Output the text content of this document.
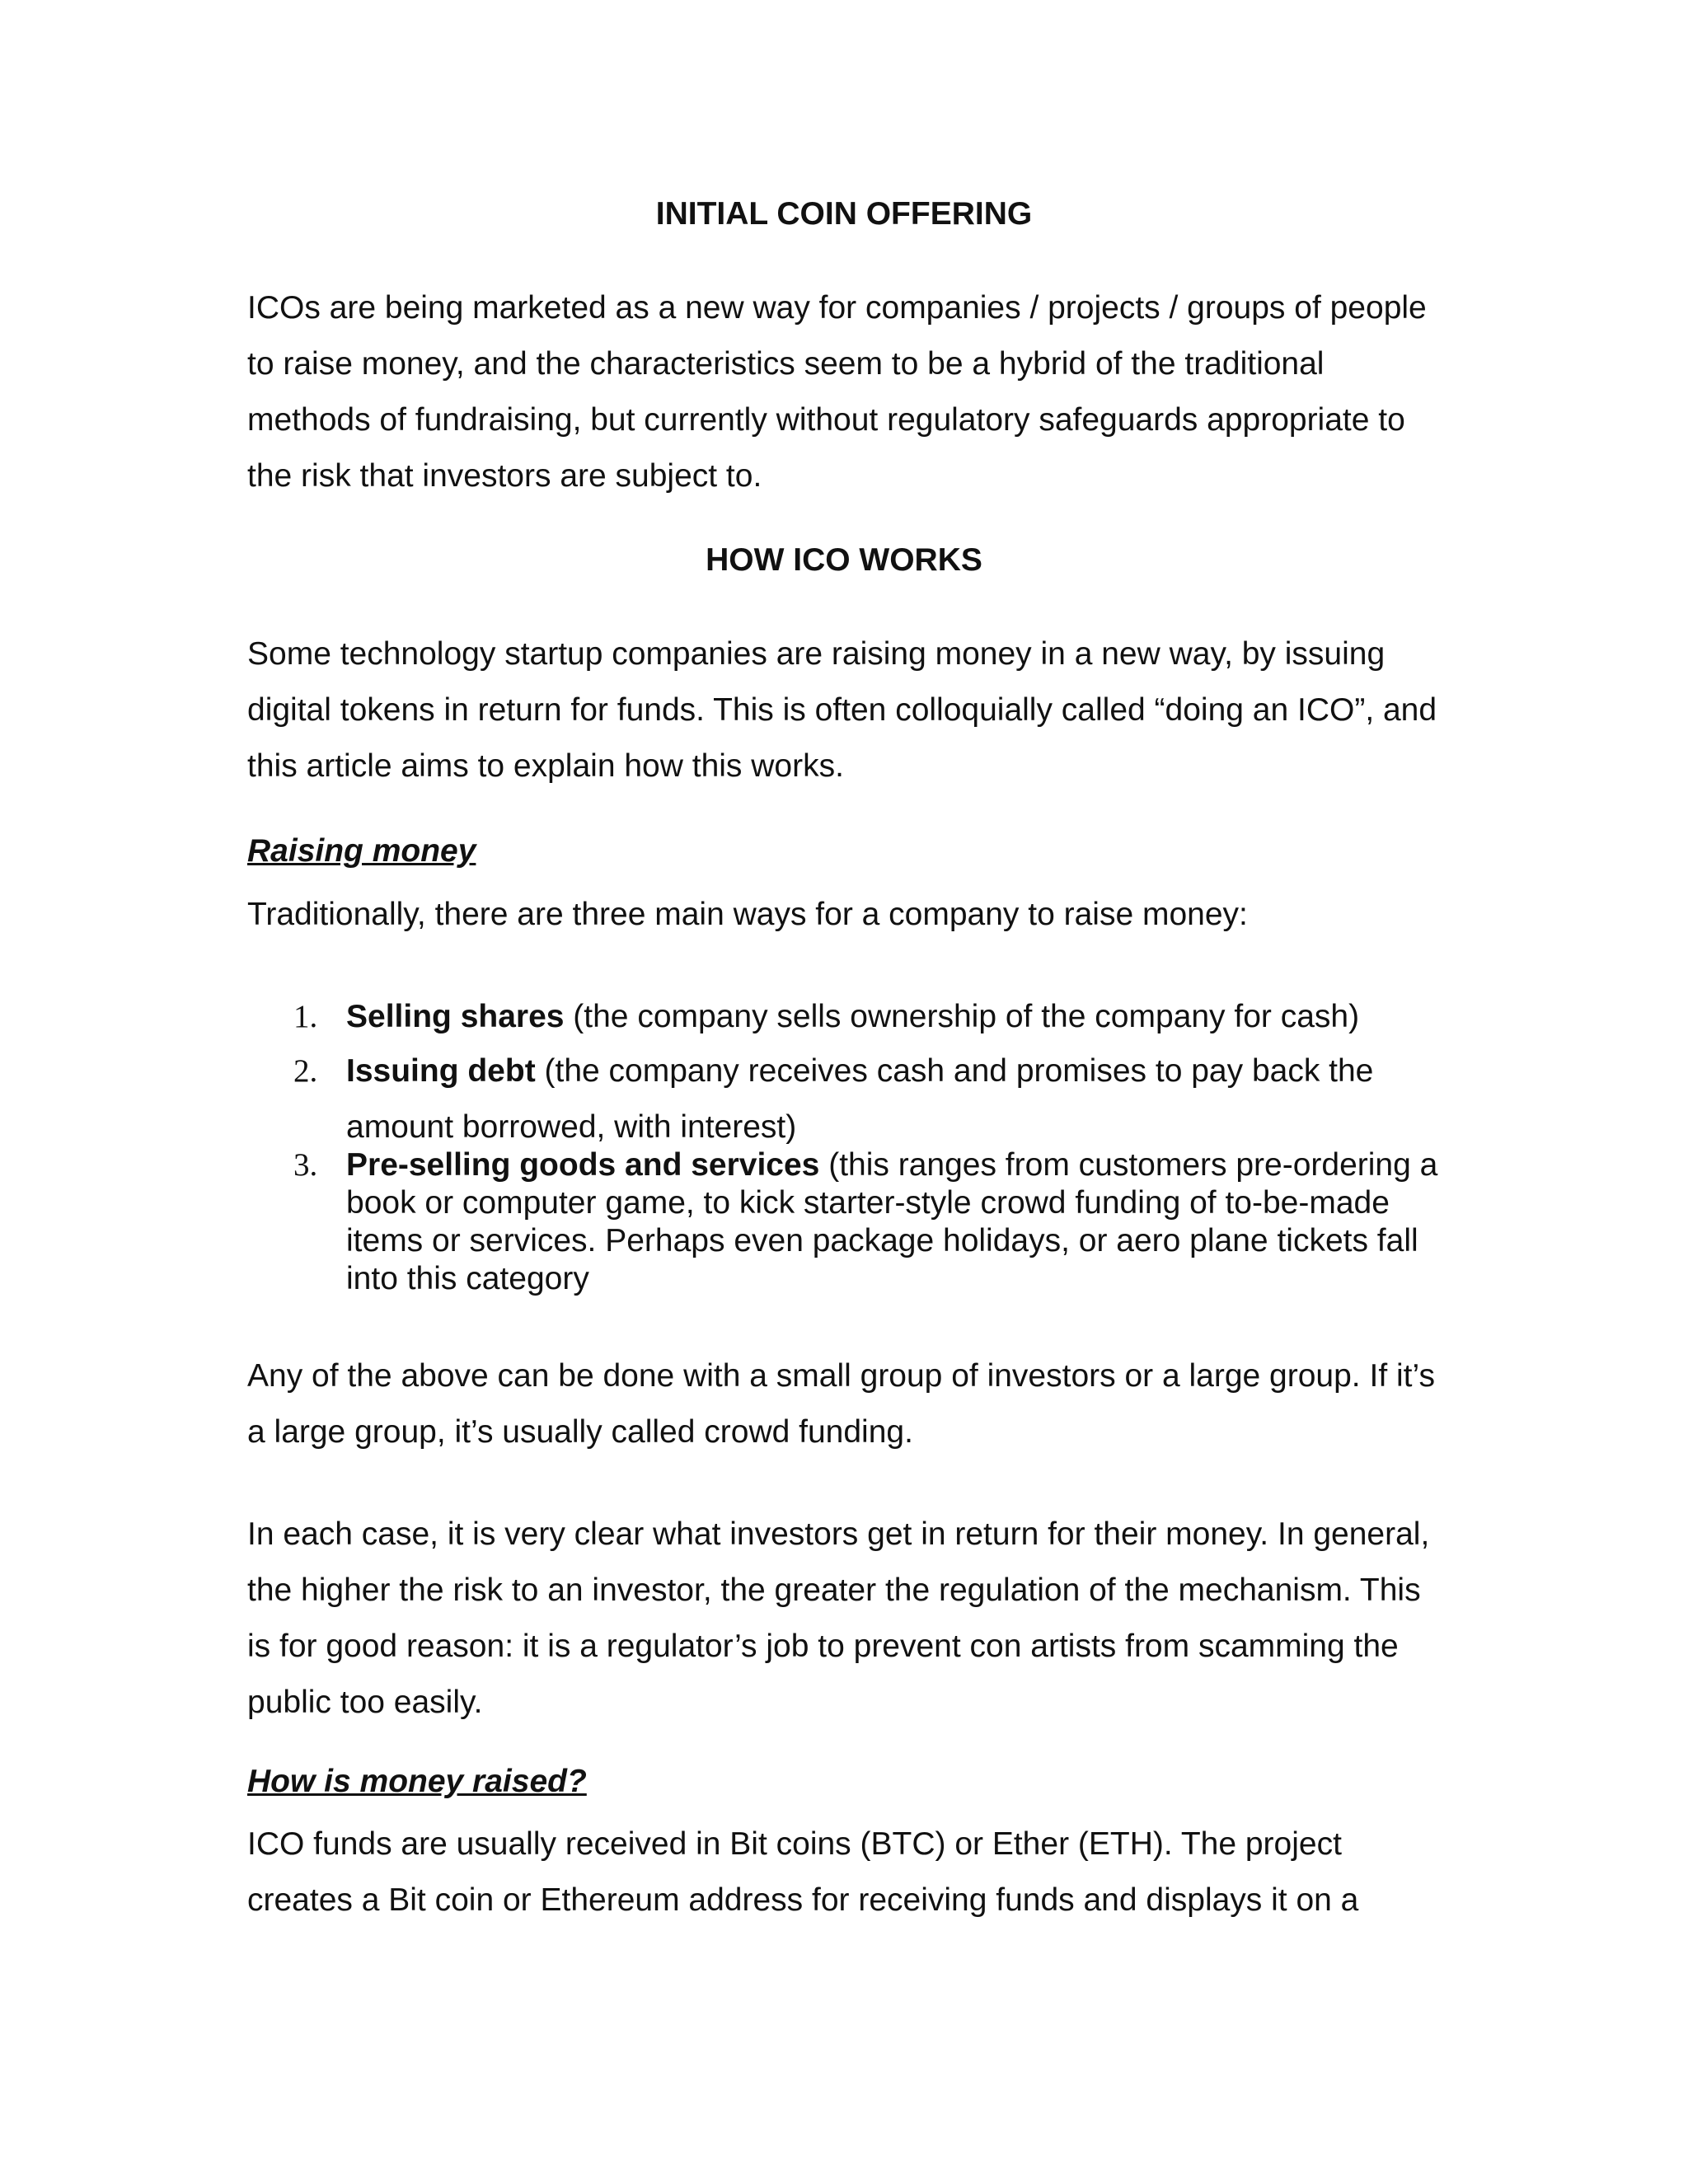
INITIAL COIN OFFERING

ICOs are being marketed as a new way for companies / projects / groups of people to raise money, and the characteristics seem to be a hybrid of the traditional methods of fundraising, but currently without regulatory safeguards appropriate to the risk that investors are subject to.

HOW ICO WORKS

Some technology startup companies are raising money in a new way, by issuing digital tokens in return for funds. This is often colloquially called “doing an ICO”, and this article aims to explain how this works.

Raising money

Traditionally, there are three main ways for a company to raise money:

1. Selling shares (the company sells ownership of the company for cash)
2. Issuing debt (the company receives cash and promises to pay back the amount borrowed, with interest)
3. Pre-selling goods and services (this ranges from customers pre-ordering a book or computer game, to kick starter-style crowd funding of to-be-made items or services. Perhaps even package holidays, or aero plane tickets fall into this category

Any of the above can be done with a small group of investors or a large group. If it’s a large group, it’s usually called crowd funding.

In each case, it is very clear what investors get in return for their money. In general, the higher the risk to an investor, the greater the regulation of the mechanism. This is for good reason: it is a regulator’s job to prevent con artists from scamming the public too easily.

How is money raised?

ICO funds are usually received in Bit coins (BTC) or Ether (ETH). The project creates a Bit coin or Ethereum address for receiving funds and displays it on a
